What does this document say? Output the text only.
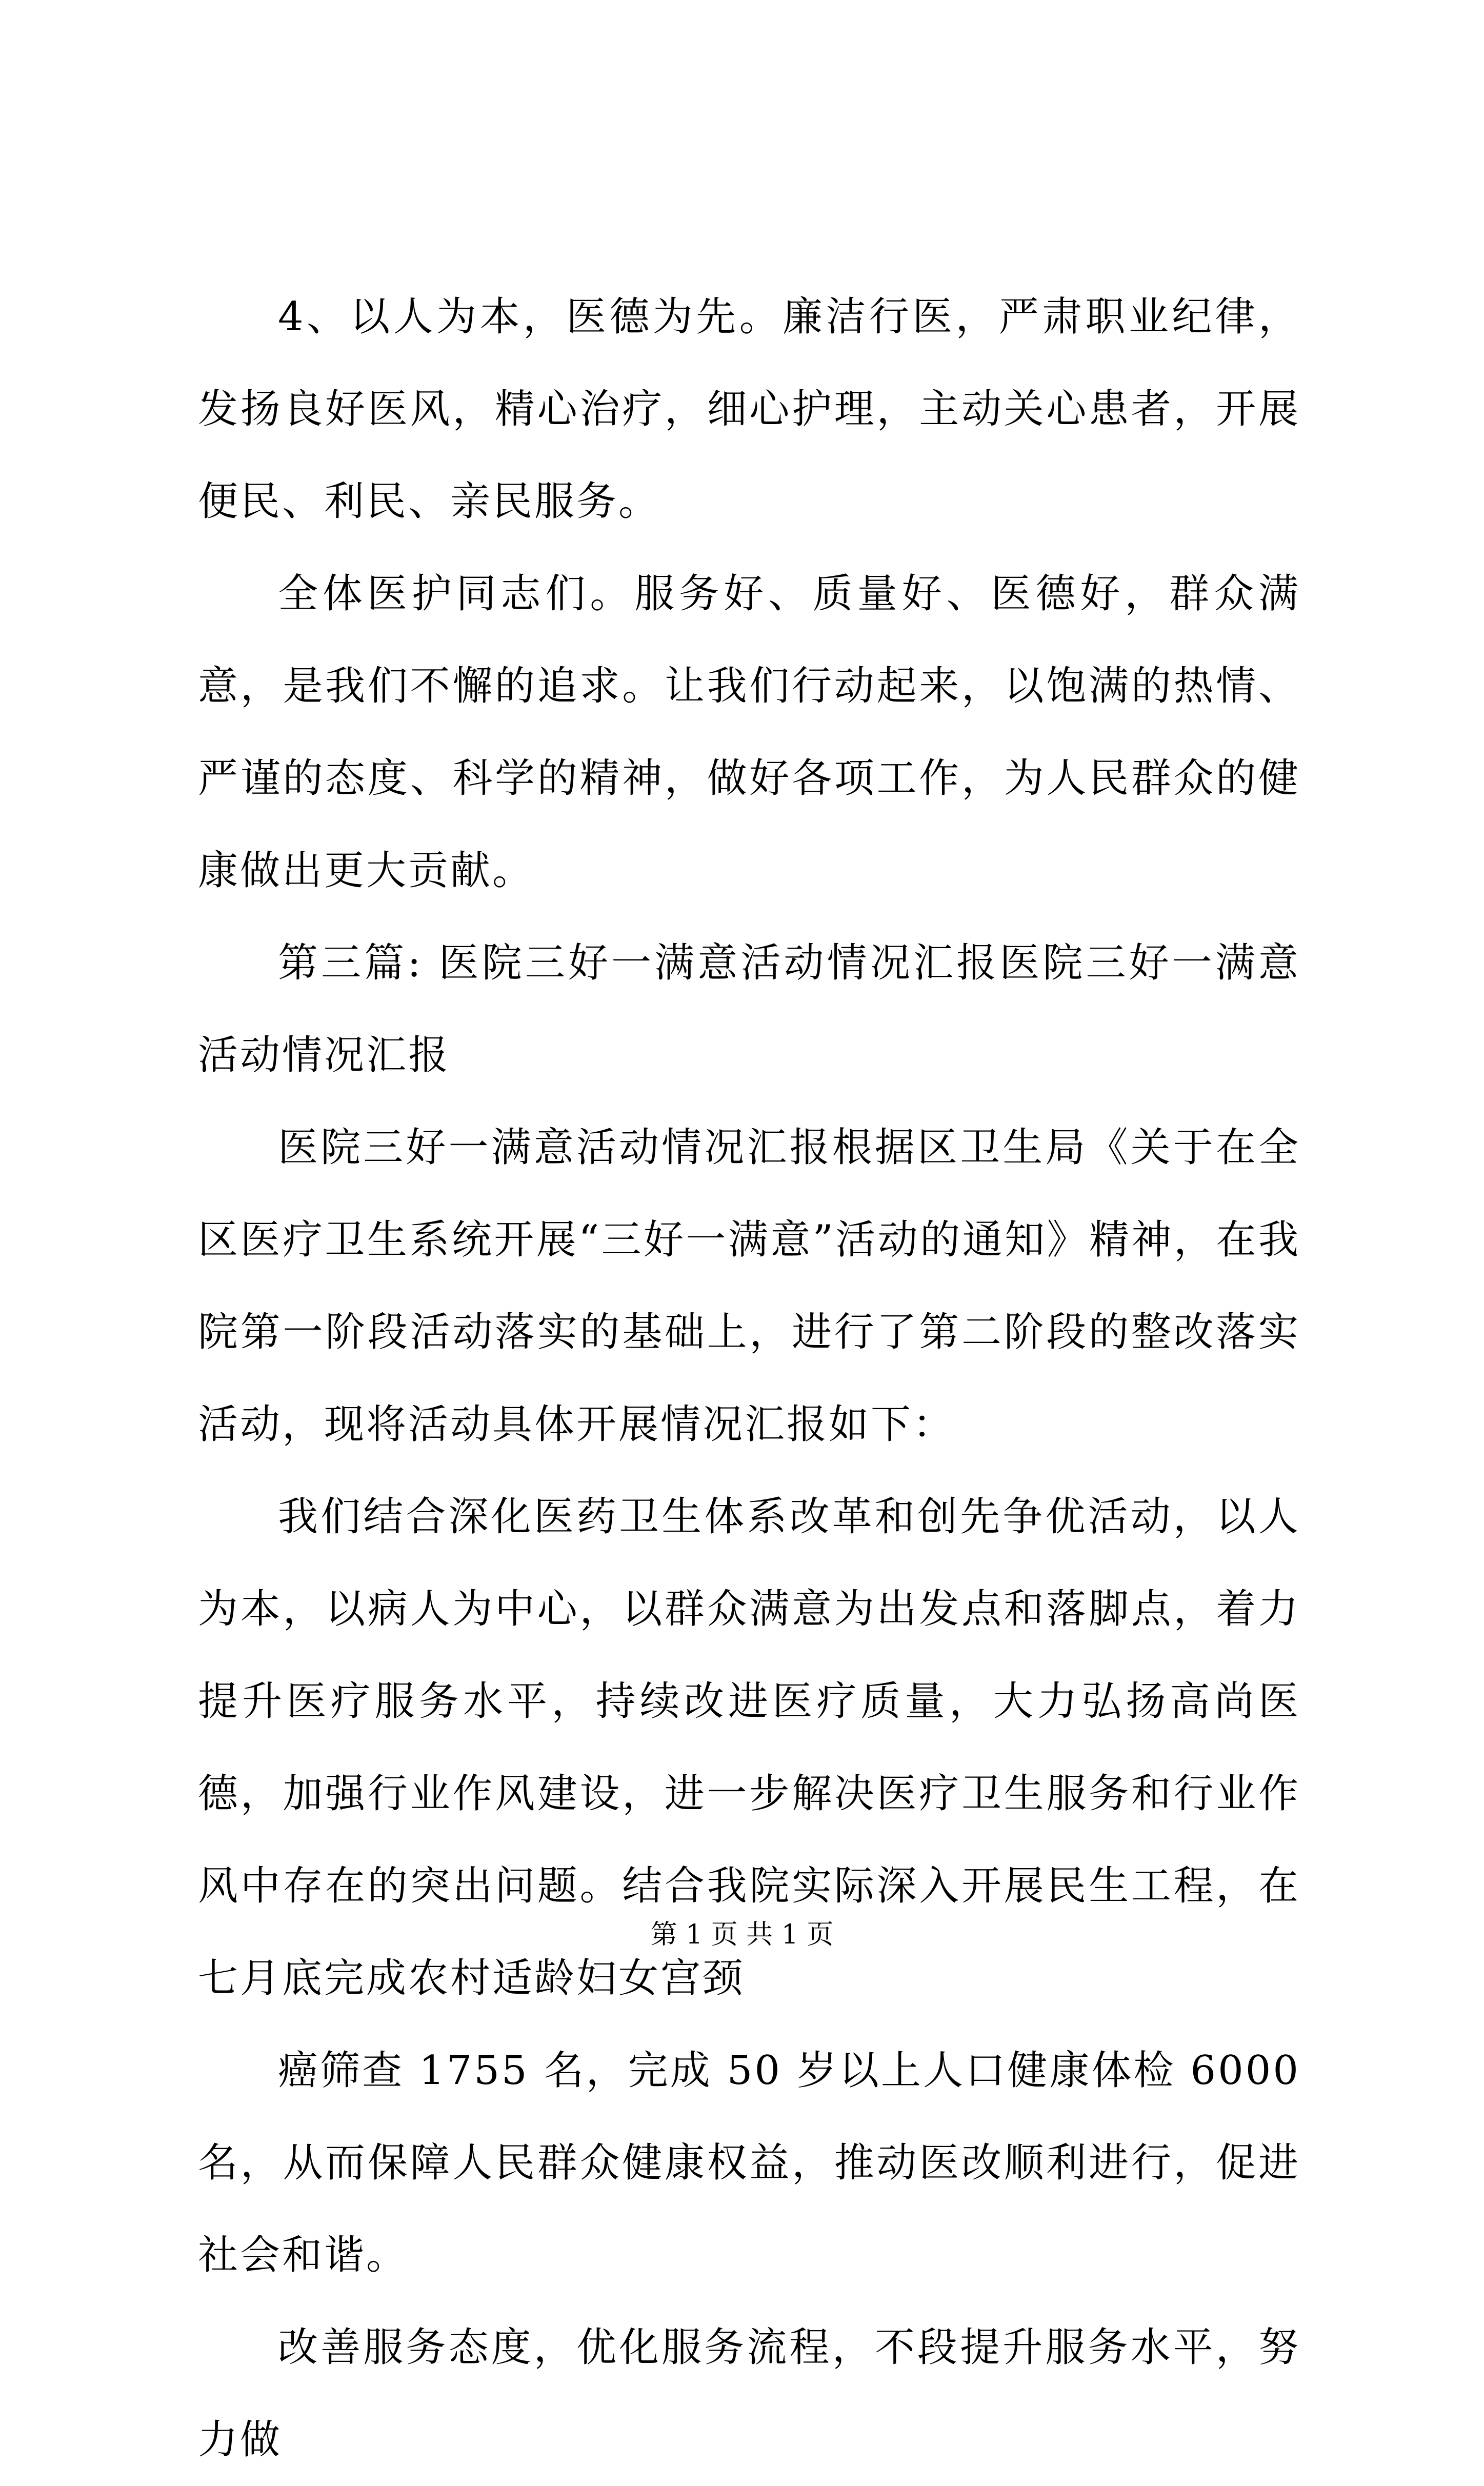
4、以人为本，医德为先。廉洁行医，严肃职业纪律，发扬良好医风，精心治疗，细心护理，主动关心患者，开展便民、利民、亲民服务。

全体医护同志们。服务好、质量好、医德好，群众满意，是我们不懈的追求。让我们行动起来，以饱满的热情、严谨的态度、科学的精神，做好各项工作，为人民群众的健康做出更大贡献。

第三篇: 医院三好一满意活动情况汇报医院三好一满意活动情况汇报

医院三好一满意活动情况汇报根据区卫生局《关于在全区医疗卫生系统开展“三好一满意”活动的通知》精神，在我院第一阶段活动落实的基础上，进行了第二阶段的整改落实活动，现将活动具体开展情况汇报如下：

我们结合深化医药卫生体系改革和创先争优活动，以人为本，以病人为中心，以群众满意为出发点和落脚点，着力提升医疗服务水平，持续改进医疗质量，大力弘扬高尚医德，加强行业作风建设，进一步解决医疗卫生服务和行业作风中存在的突出问题。结合我院实际深入开展民生工程，在七月底完成农村适龄妇女宫颈

癌筛查 1755 名，完成 50 岁以上人口健康体检 6000 名，从而保障人民群众健康权益，推动医改顺利进行，促进社会和谐。

改善服务态度，优化服务流程，不段提升服务水平，努力做

第 1 页 共 1 页
